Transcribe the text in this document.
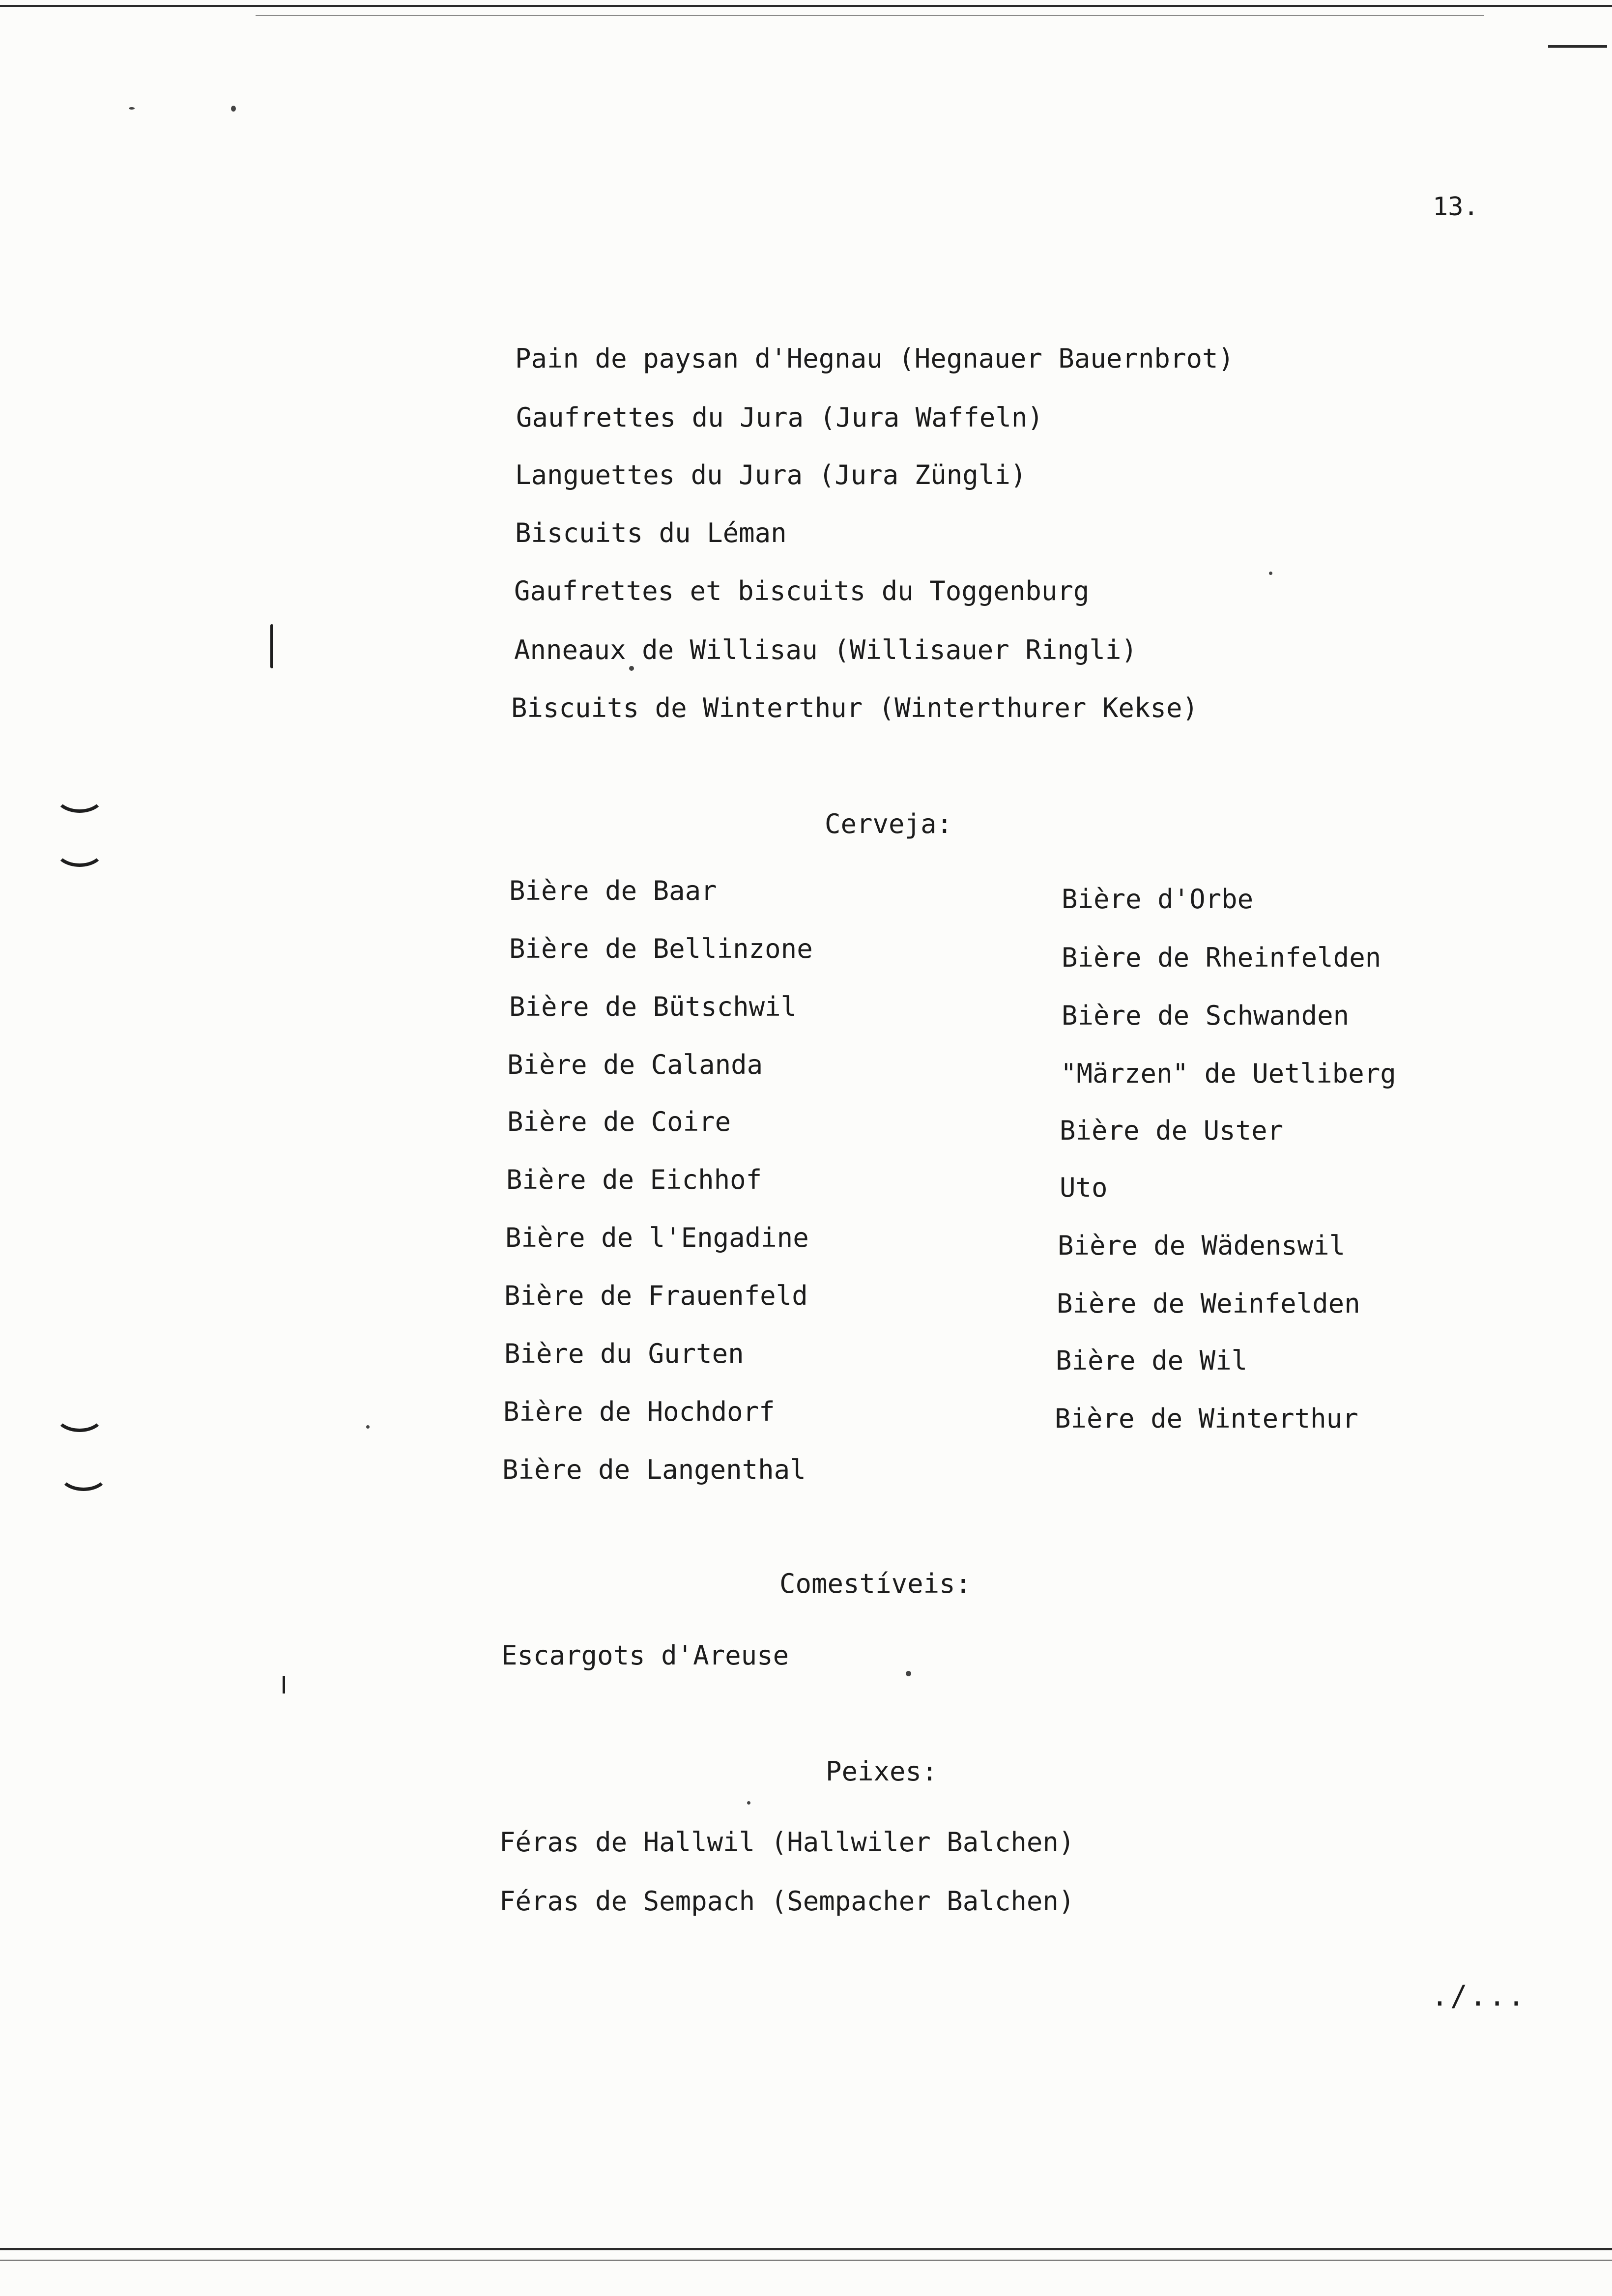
13.
Pain de paysan d'Hegnau (Hegnauer Bauernbrot)
Gaufrettes du Jura (Jura Waffeln)
Languettes du Jura (Jura Züngli)
Biscuits du Léman
Gaufrettes et biscuits du Toggenburg
Anneaux de Willisau (Willisauer Ringli)
Biscuits de Winterthur (Winterthurer Kekse)
Cerveja:
Bière de Baar
Bière de Bellinzone
Bière de Bütschwil
Bière de Calanda
Bière de Coire
Bière de Eichhof
Bière de l'Engadine
Bière de Frauenfeld
Bière du Gurten
Bière de Hochdorf
Bière de Langenthal
Bière d'Orbe
Bière de Rheinfelden
Bière de Schwanden
"Märzen" de Uetliberg
Bière de Uster
Uto
Bière de Wädenswil
Bière de Weinfelden
Bière de Wil
Bière de Winterthur
Comestíveis:
Escargots d'Areuse
Peixes:
Féras de Hallwil (Hallwiler Balchen)
Féras de Sempach (Sempacher Balchen)
./...
